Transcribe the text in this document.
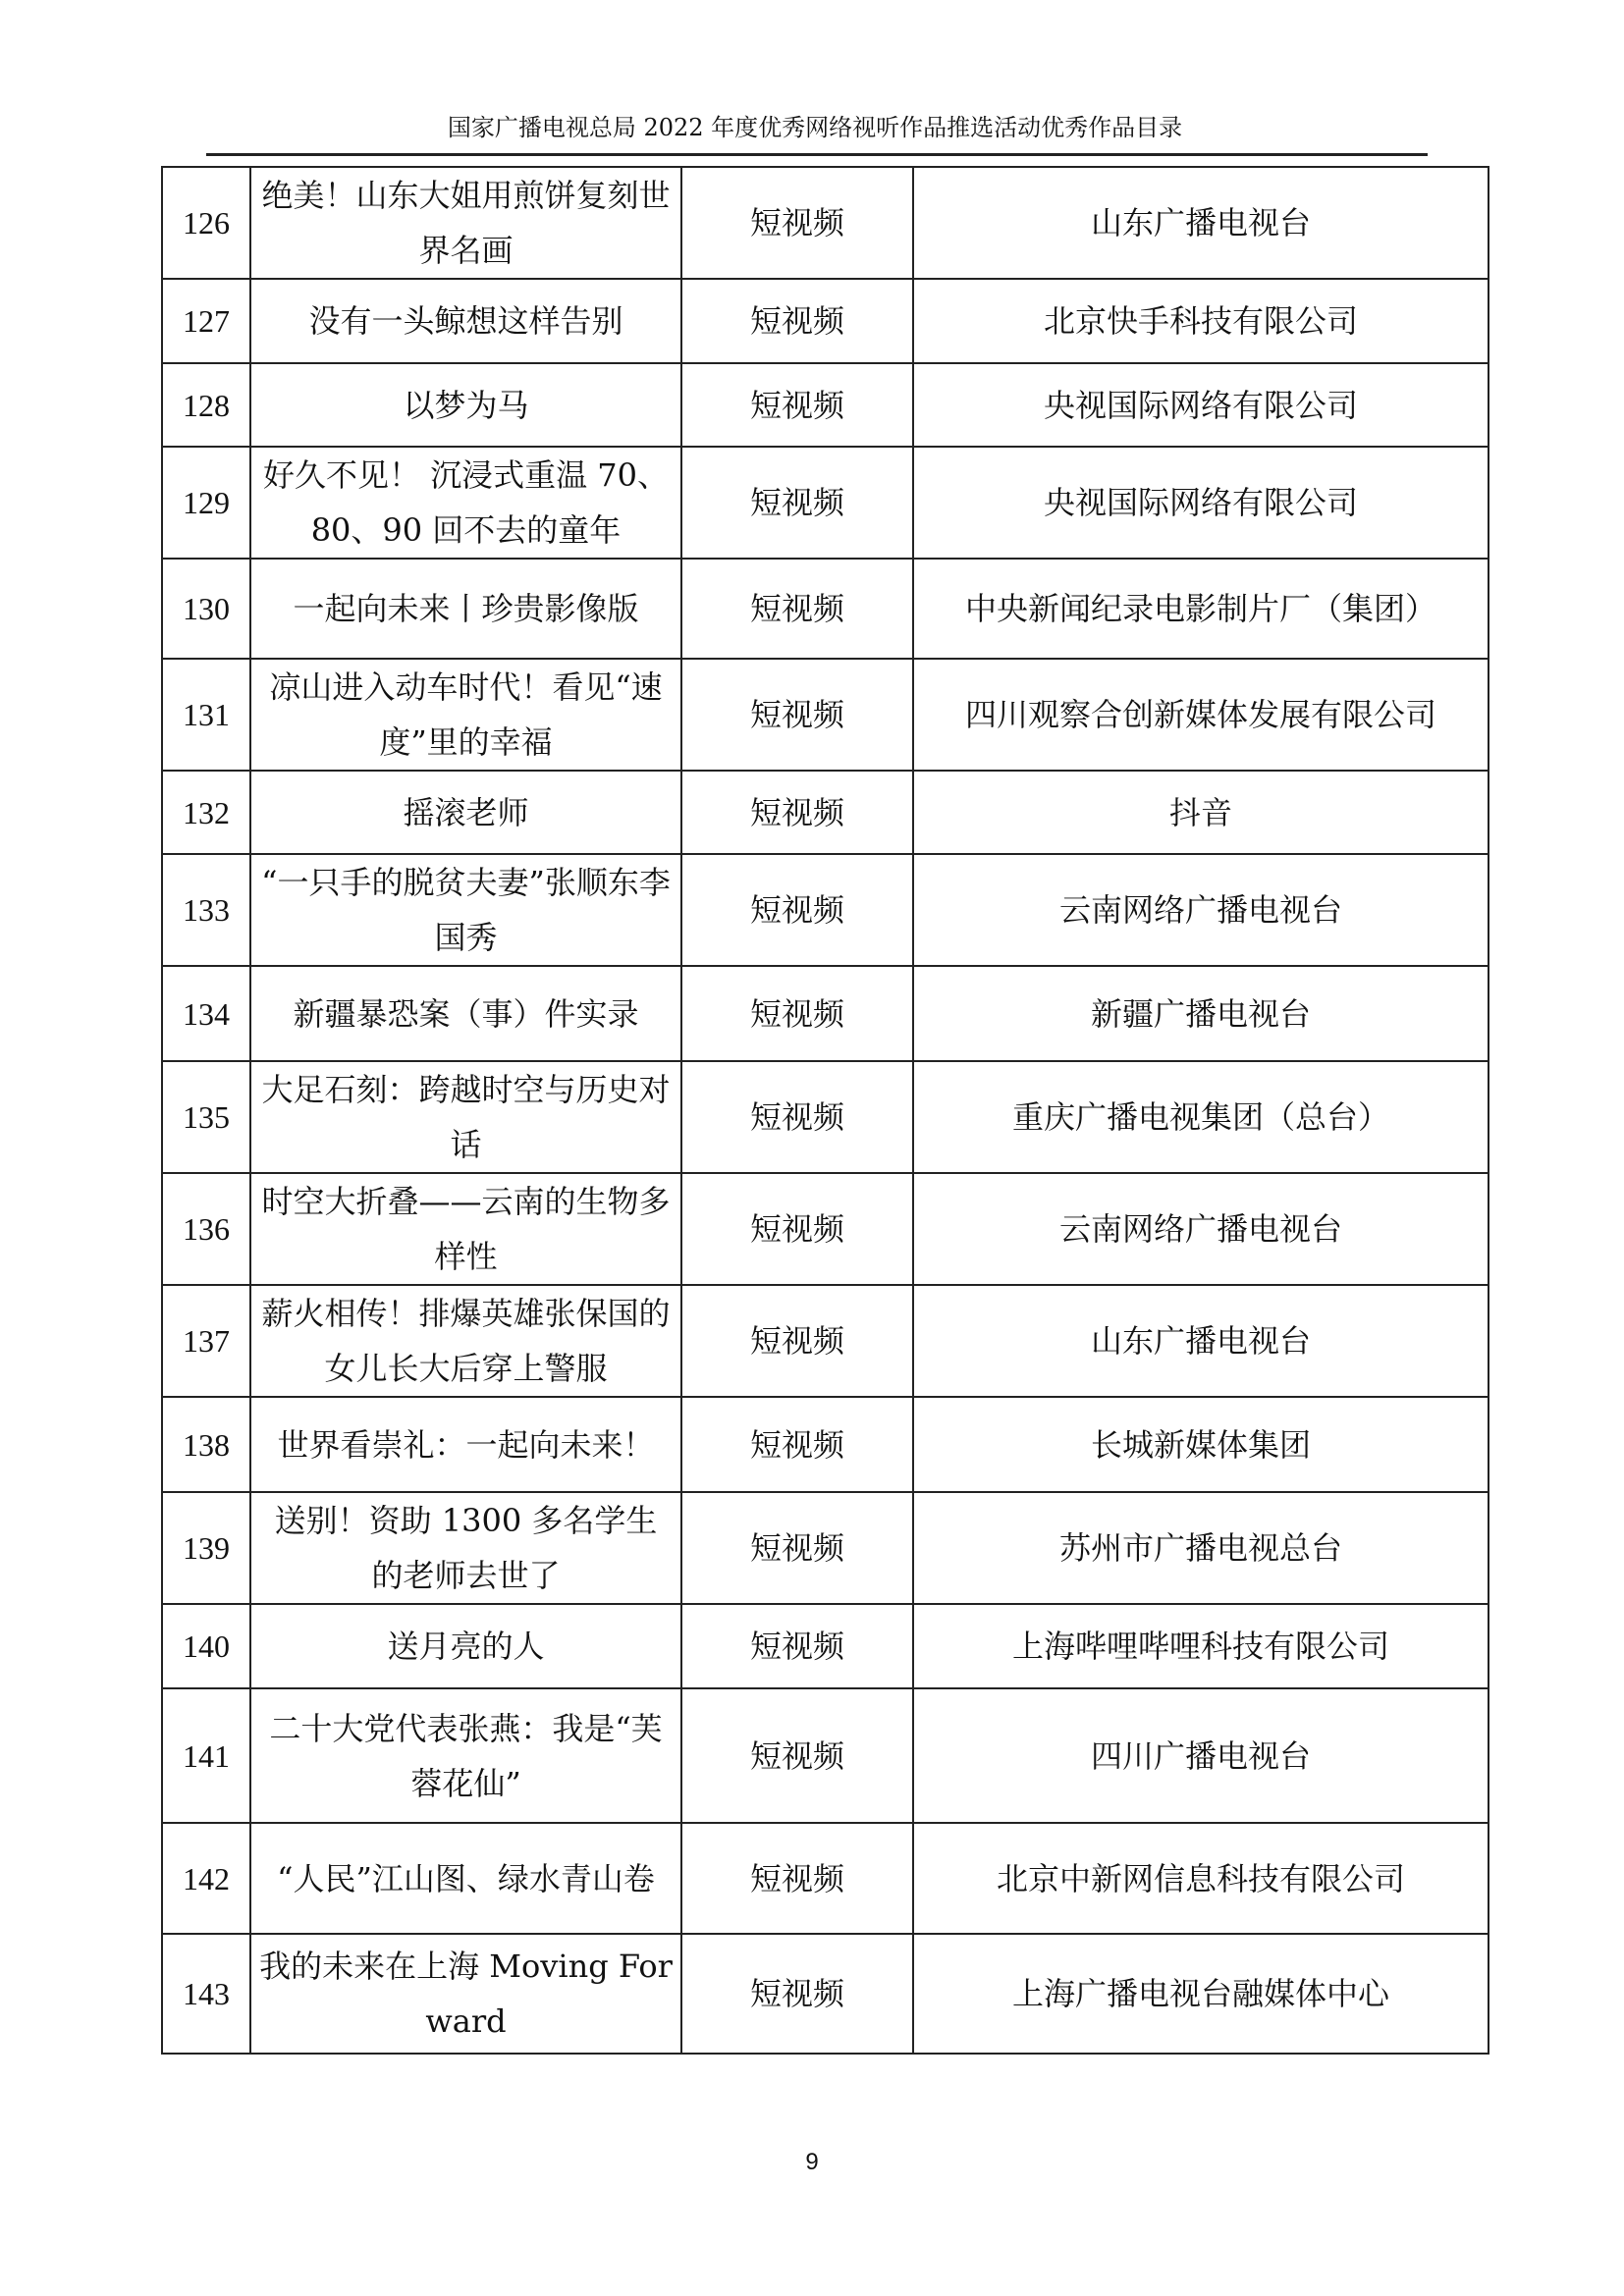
国家广播电视总局 2022 年度优秀网络视听作品推选活动优秀作品目录
126	绝美！山东大姐用煎饼复刻世界名画	短视频	山东广播电视台
127	没有一头鲸想这样告别	短视频	北京快手科技有限公司
128	以梦为马	短视频	央视国际网络有限公司
129	好久不见！ 沉浸式重温 70、80、90 回不去的童年	短视频	央视国际网络有限公司
130	一起向未来丨珍贵影像版	短视频	中央新闻纪录电影制片厂（集团）
131	凉山进入动车时代！看见“速度”里的幸福	短视频	四川观察合创新媒体发展有限公司
132	摇滚老师	短视频	抖音
133	“一只手的脱贫夫妻”张顺东李国秀	短视频	云南网络广播电视台
134	新疆暴恐案（事）件实录	短视频	新疆广播电视台
135	大足石刻：跨越时空与历史对话	短视频	重庆广播电视集团（总台）
136	时空大折叠——云南的生物多样性	短视频	云南网络广播电视台
137	薪火相传！排爆英雄张保国的女儿长大后穿上警服	短视频	山东广播电视台
138	世界看崇礼：一起向未来！	短视频	长城新媒体集团
139	送别！资助 1300 多名学生的老师去世了	短视频	苏州市广播电视总台
140	送月亮的人	短视频	上海哔哩哔哩科技有限公司
141	二十大党代表张燕：我是“芙蓉花仙”	短视频	四川广播电视台
142	“人民”江山图、绿水青山卷	短视频	北京中新网信息科技有限公司
143	我的未来在上海 Moving Forward	短视频	上海广播电视台融媒体中心
9
